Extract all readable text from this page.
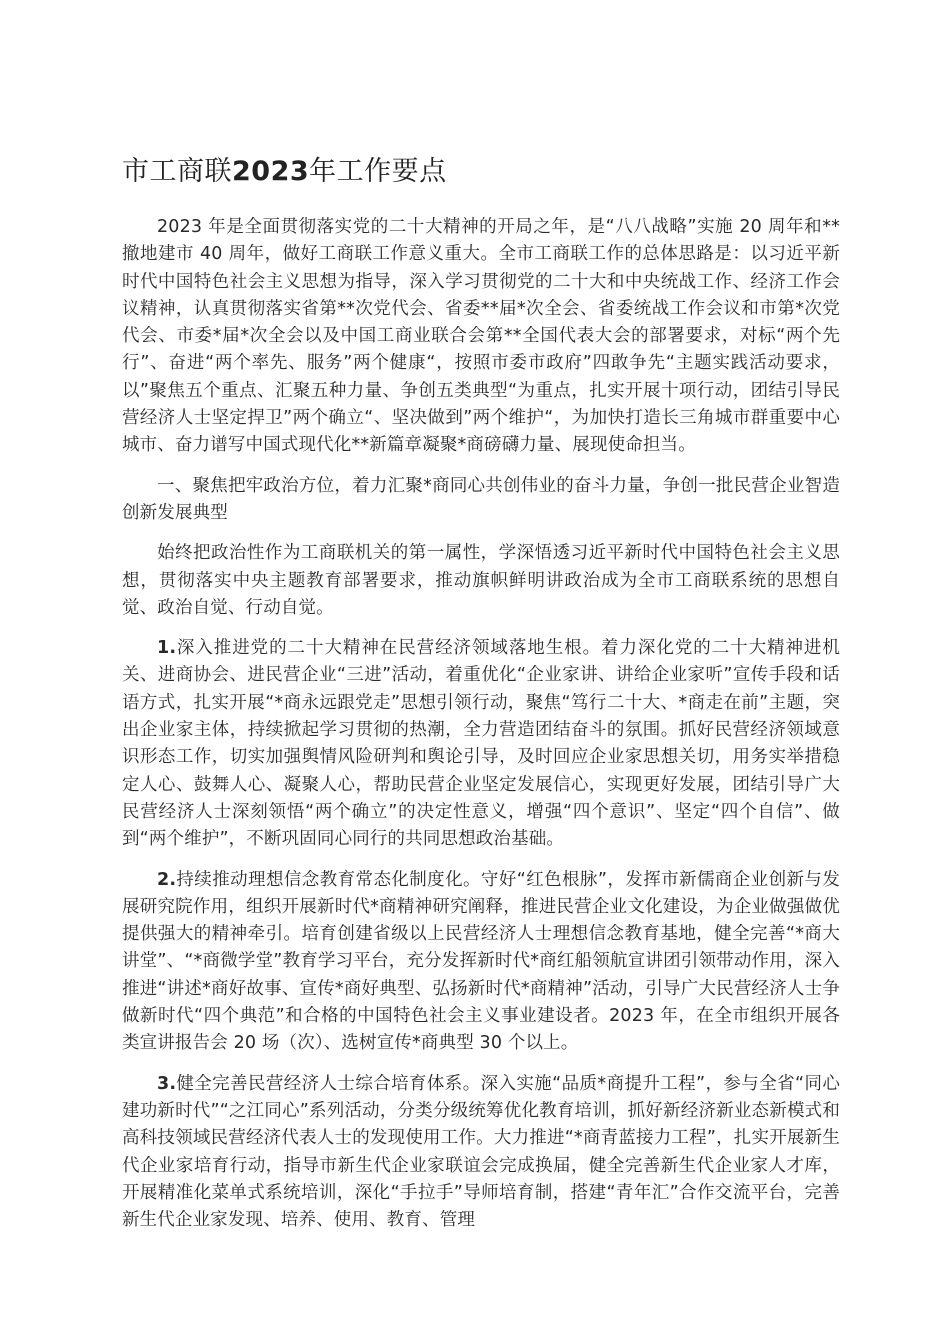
市工商联2023年工作要点

2023 年是全面贯彻落实党的二十大精神的开局之年，是“八八战略”实施 20 周年和**撤地建市 40 周年，做好工商联工作意义重大。全市工商联工作的总体思路是：以习近平新时代中国特色社会主义思想为指导，深入学习贯彻党的二十大和中央统战工作、经济工作会议精神，认真贯彻落实省第**次党代会、省委**届*次全会、省委统战工作会议和市第*次党代会、市委*届*次全会以及中国工商业联合会第**全国代表大会的部署要求，对标“两个先行”、奋进“两个率先、服务”两个健康“，按照市委市政府”四敢争先“主题实践活动要求，以”聚焦五个重点、汇聚五种力量、争创五类典型“为重点，扎实开展十项行动，团结引导民营经济人士坚定捍卫”两个确立“、坚决做到”两个维护“，为加快打造长三角城市群重要中心城市、奋力谱写中国式现代化**新篇章凝聚*商磅礴力量、展现使命担当。

一、聚焦把牢政治方位，着力汇聚*商同心共创伟业的奋斗力量，争创一批民营企业智造创新发展典型

始终把政治性作为工商联机关的第一属性，学深悟透习近平新时代中国特色社会主义思想，贯彻落实中央主题教育部署要求，推动旗帜鲜明讲政治成为全市工商联系统的思想自觉、政治自觉、行动自觉。

1.深入推进党的二十大精神在民营经济领域落地生根。着力深化党的二十大精神进机关、进商协会、进民营企业“三进”活动，着重优化“企业家讲、讲给企业家听”宣传手段和话语方式，扎实开展“*商永远跟党走”思想引领行动，聚焦“笃行二十大、*商走在前”主题，突出企业家主体，持续掀起学习贯彻的热潮，全力营造团结奋斗的氛围。抓好民营经济领域意识形态工作，切实加强舆情风险研判和舆论引导，及时回应企业家思想关切，用务实举措稳定人心、鼓舞人心、凝聚人心，帮助民营企业坚定发展信心，实现更好发展，团结引导广大民营经济人士深刻领悟“两个确立”的决定性意义，增强“四个意识”、坚定“四个自信”、做到“两个维护”，不断巩固同心同行的共同思想政治基础。

2.持续推动理想信念教育常态化制度化。守好“红色根脉”，发挥市新儒商企业创新与发展研究院作用，组织开展新时代*商精神研究阐释，推进民营企业文化建设，为企业做强做优提供强大的精神牵引。培育创建省级以上民营经济人士理想信念教育基地，健全完善“*商大讲堂”、“*商微学堂”教育学习平台，充分发挥新时代*商红船领航宣讲团引领带动作用，深入推进“讲述*商好故事、宣传*商好典型、弘扬新时代*商精神”活动，引导广大民营经济人士争做新时代“四个典范”和合格的中国特色社会主义事业建设者。2023 年，在全市组织开展各类宣讲报告会 20 场（次）、选树宣传*商典型 30 个以上。

3.健全完善民营经济人士综合培育体系。深入实施“品质*商提升工程”，参与全省“同心建功新时代”“之江同心”系列活动，分类分级统筹优化教育培训，抓好新经济新业态新模式和高科技领域民营经济代表人士的发现使用工作。大力推进“*商青蓝接力工程”，扎实开展新生代企业家培育行动，指导市新生代企业家联谊会完成换届，健全完善新生代企业家人才库，开展精准化菜单式系统培训，深化“手拉手”导师培育制，搭建“青年汇”合作交流平台，完善新生代企业家发现、培养、使用、教育、管理
